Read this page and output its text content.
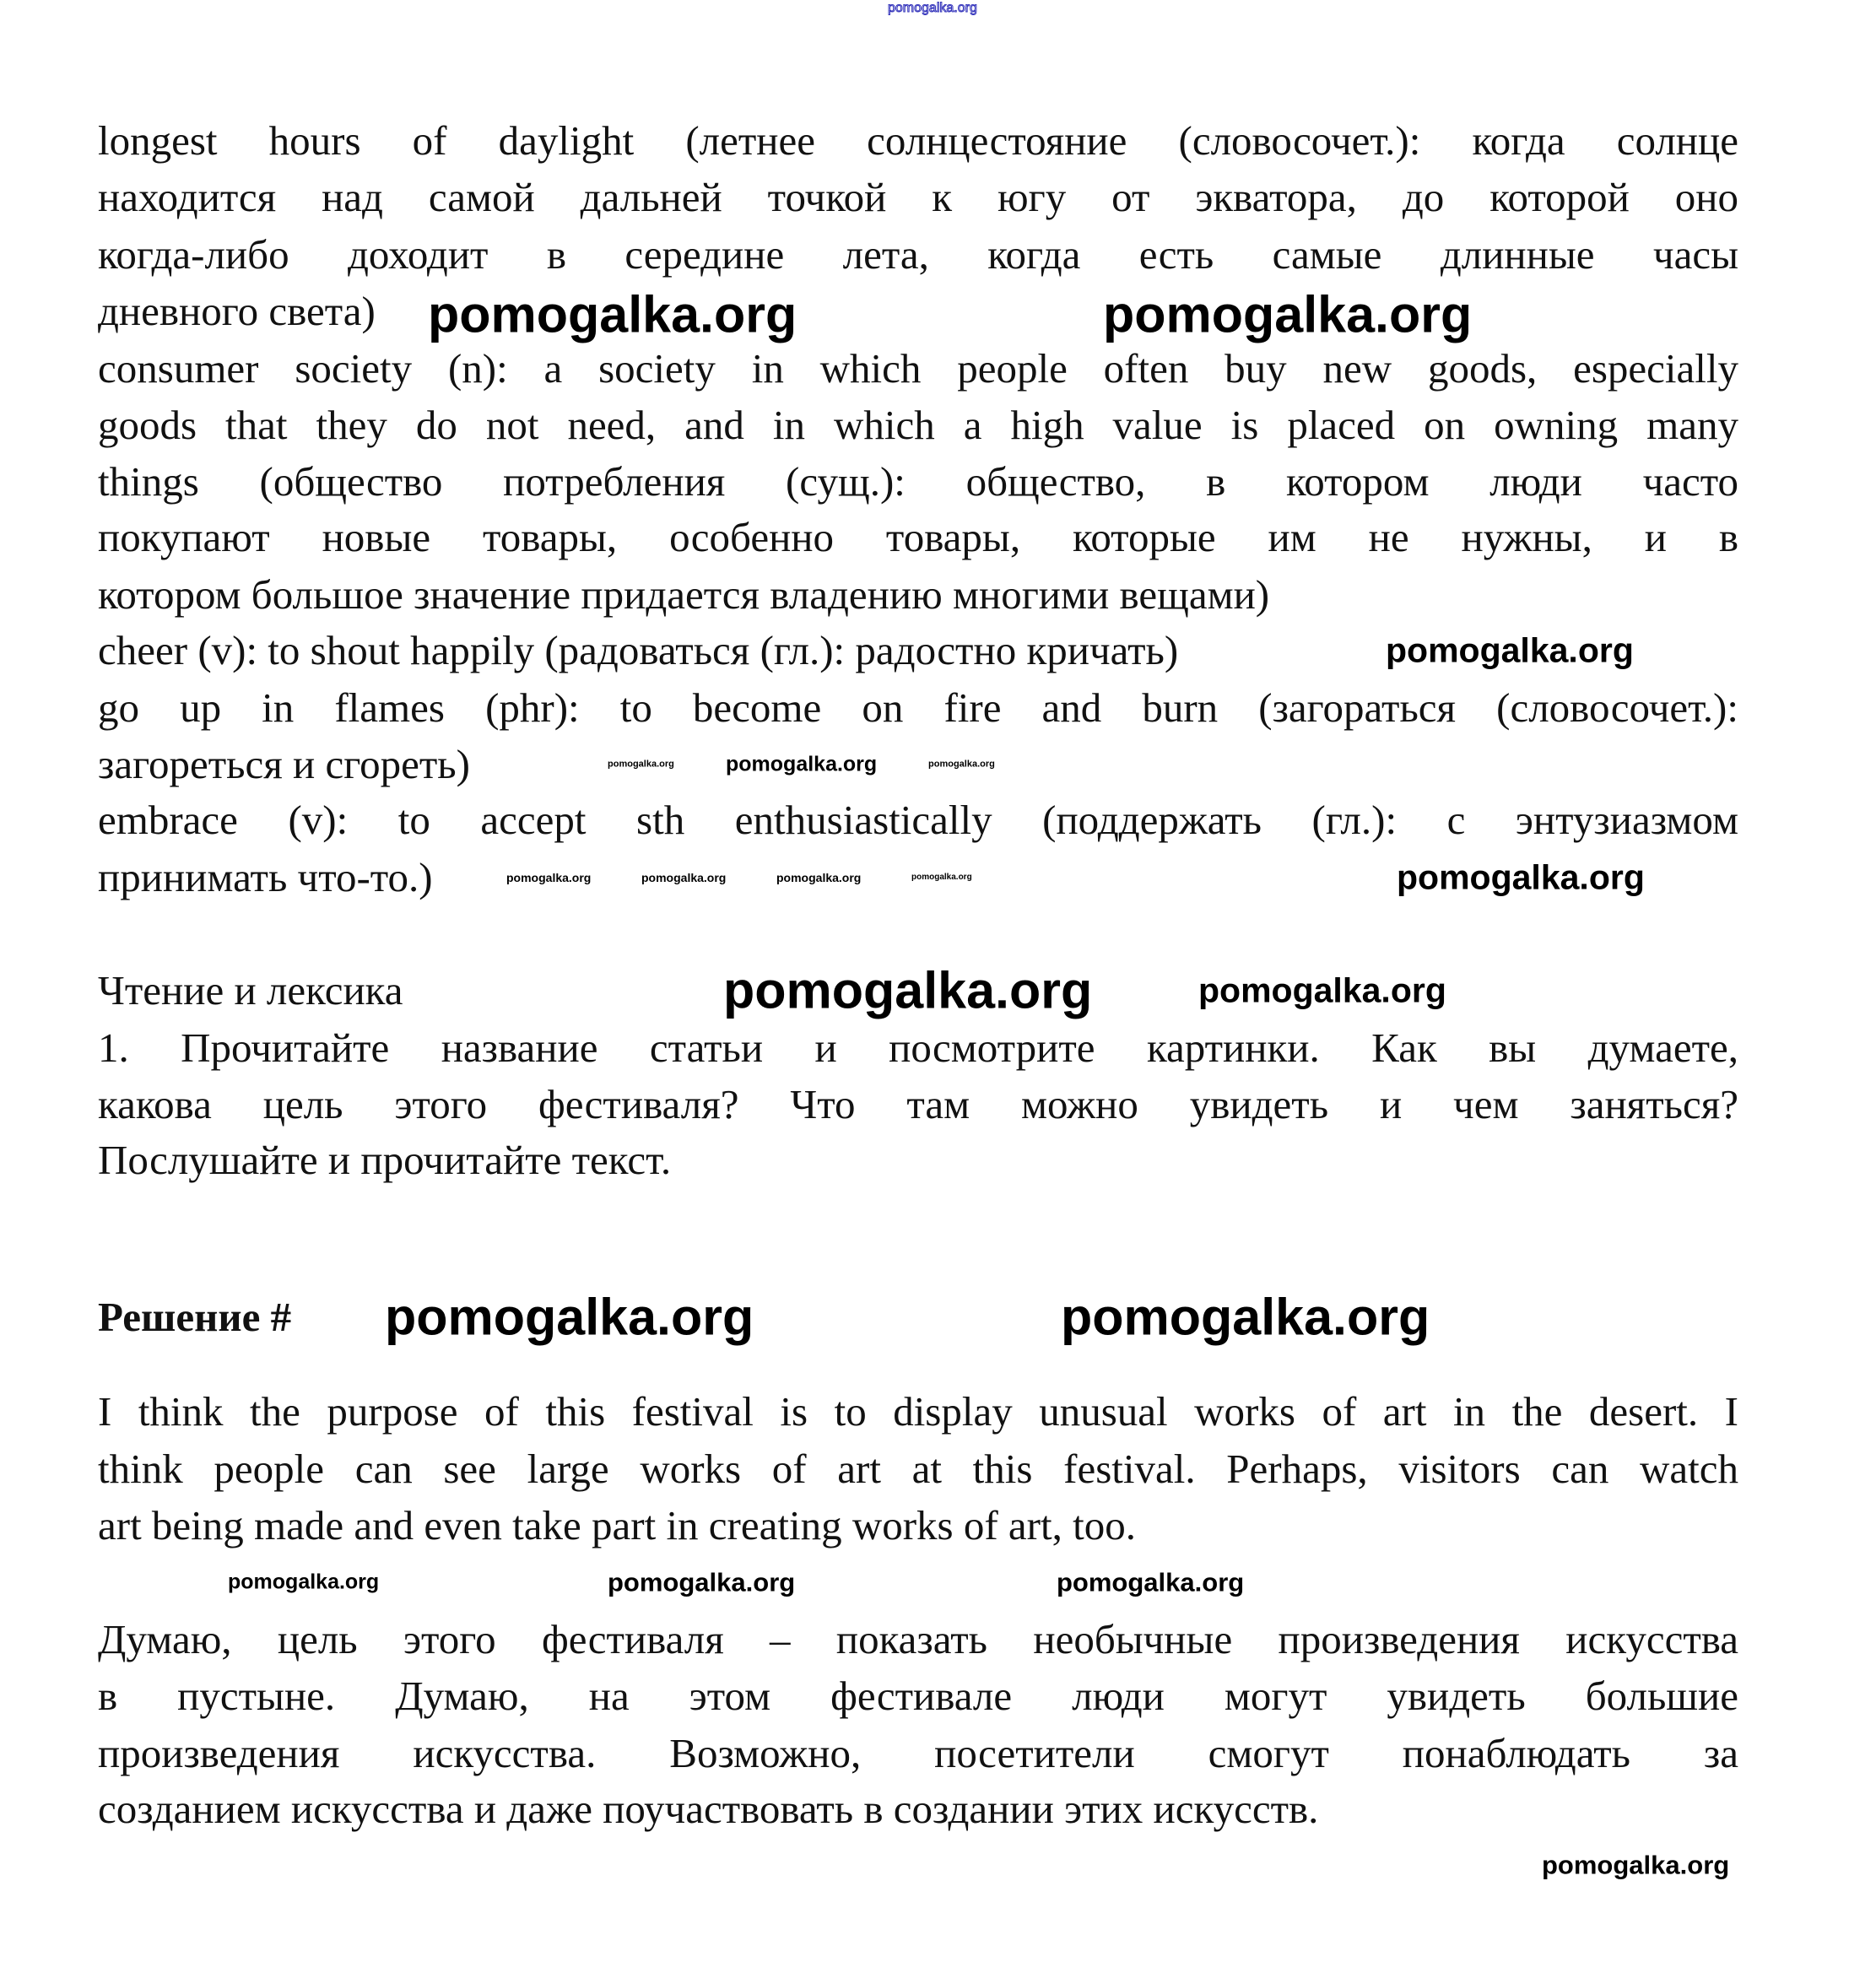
longest hours of daylight (летнее солнцестояние (словосочет.): когда солнце
находится над самой дальней точкой к югу от экватора, до которой оно
когда-либо доходит в середине лета, когда есть самые длинные часы
дневного света)
consumer society (n): a society in which people often buy new goods, especially
goods that they do not need, and in which a high value is placed on owning many
things (общество потребления (сущ.): общество, в котором люди часто
покупают новые товары, особенно товары, которые им не нужны, и в
котором большое значение придается владению многими вещами)
cheer (v): to shout happily (радоваться (гл.): радостно кричать)
go up in flames (phr): to become on fire and burn (загораться (словосочет.):
загореться и сгореть)
embrace (v): to accept sth enthusiastically (поддержать (гл.): с энтузиазмом
принимать что-то.)
Чтение и лексика
1. Прочитайте название статьи и посмотрите картинки. Как вы думаете,
какова цель этого фестиваля? Что там можно увидеть и чем заняться?
Послушайте и прочитайте текст.
Решение #
I think the purpose of this festival is to display unusual works of art in the desert. I
think people can see large works of art at this festival. Perhaps, visitors can watch
art being made and even take part in creating works of art, too.
Думаю, цель этого фестиваля – показать необычные произведения искусства
в пустыне. Думаю, на этом фестивале люди могут увидеть большие
произведения искусства. Возможно, посетители смогут понаблюдать за
созданием искусства и даже поучаствовать в создании этих искусств.
pomogalka.org
pomogalka.org	pomogalka.org
pomogalka.org	pomogalka.org	pomogalka.org	pomogalka.org
pomogalka.org
pomogalka.org pomogalka.org	pomogalka.org
pomogalka.org
pomogalka.org
pomogalka.org
pomogalka.org	pomogalka.org
pomogalka.org	pomogalka.org	pomogalka.org
pomogalka.org
